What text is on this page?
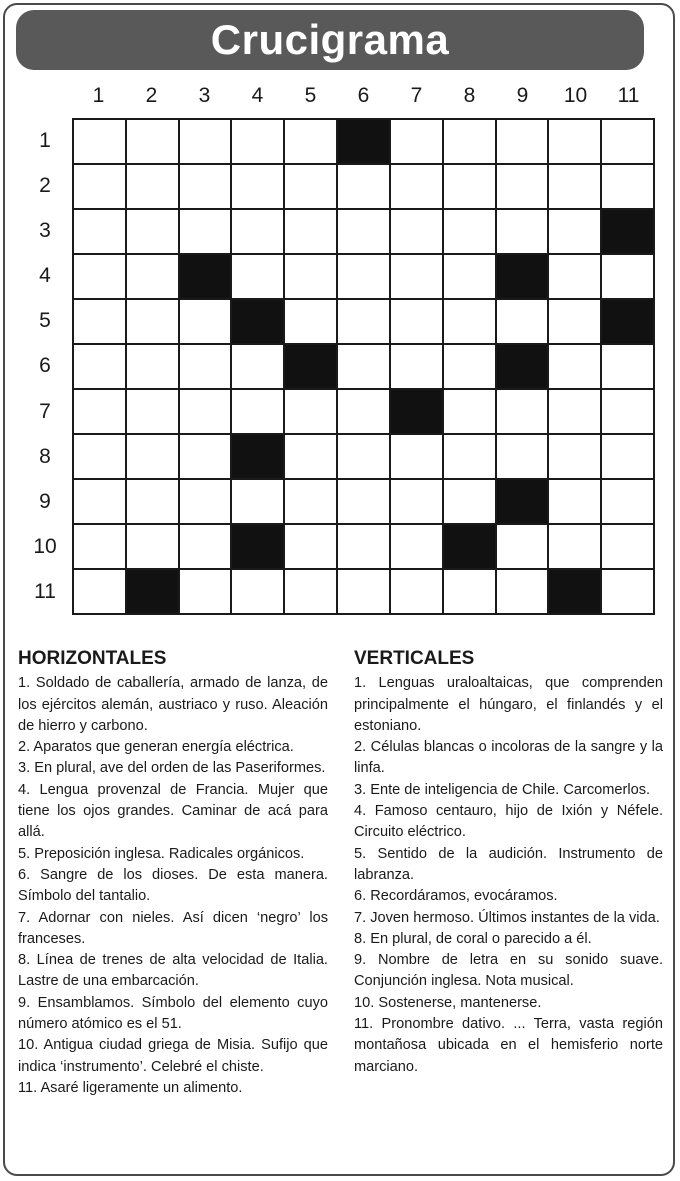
Crucigrama
1	2	3	4	5	6	7	8	9	10	11
1
2
3
4
5
6
7
8
9
10
11
HORIZONTALES

1. Soldado de caballería, armado de lanza, de los ejércitos alemán, austriaco y ruso. Aleación de hierro y carbono.

2. Aparatos que generan energía eléctrica.

3. En plural, ave del orden de las Paseriformes.

4. Lengua provenzal de Francia. Mujer que tiene los ojos grandes. Caminar de acá para allá.

5. Preposición inglesa. Radicales orgánicos.

6. Sangre de los dioses. De esta manera. Símbolo del tantalio.

7. Adornar con nieles. Así dicen ‘negro’ los franceses.

8. Línea de trenes de alta velocidad de Italia. Lastre de una embarcación.

9. Ensamblamos. Símbolo del elemento cuyo número atómico es el 51.

10. Antigua ciudad griega de Misia. Sufijo que indica ‘instrumento’. Celebré el chiste.

11. Asaré ligeramente un alimento.

VERTICALES

1. Lenguas uraloaltaicas, que comprenden principalmente el húngaro, el finlandés y el estoniano.

2. Células blancas o incoloras de la sangre y la linfa.

3. Ente de inteligencia de Chile. Carcomerlos.

4. Famoso centauro, hijo de Ixión y Néfele. Circuito eléctrico.

5. Sentido de la audición. Instrumento de labranza.

6. Recordáramos, evocáramos.

7. Joven hermoso. Últimos instantes de la vida.

8. En plural, de coral o parecido a él.

9. Nombre de letra en su sonido suave. Conjunción inglesa. Nota musical.

10. Sostenerse, mantenerse.

11. Pronombre dativo. ... Terra, vasta región montañosa ubicada en el hemisferio norte marciano.
